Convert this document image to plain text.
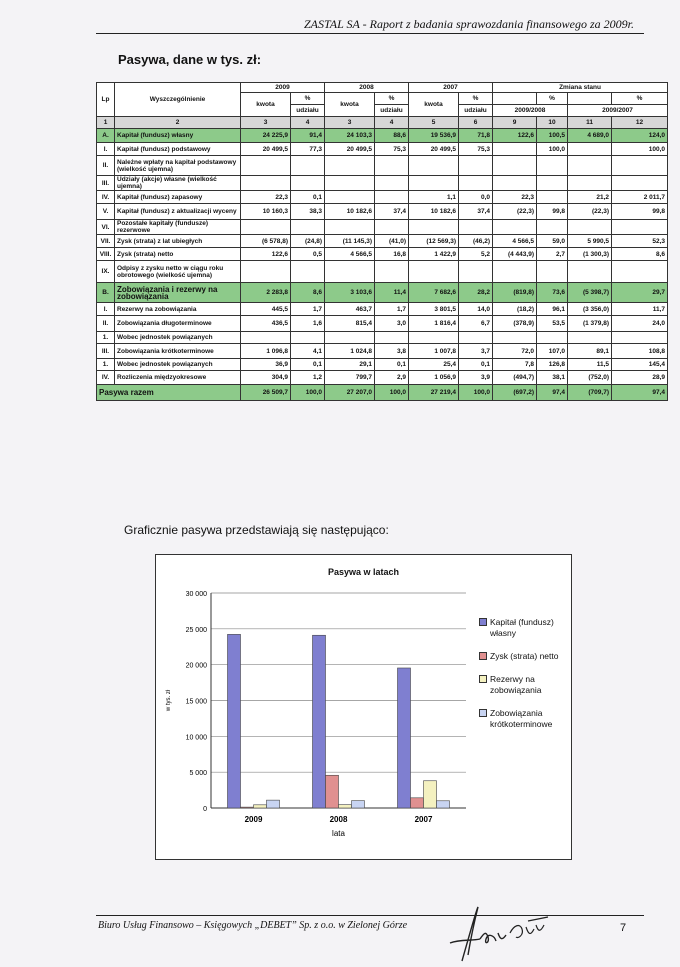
ZASTAL SA - Raport z badania sprawozdania finansowego za 2009r.
Pasywa, dane w tys. zł:
Lp	Wyszczególnienie	2009		2008		2007		Zmiana stanu			
		kwota	%	kwota	%	kwota	%		%		%
			udziału		udziału		udziału	2009/2008		2009/2007	
1	2	3	4	3	4	5	6	9	10	11	12
A.	Kapitał (fundusz) własny	24 225,9	91,4	24 103,3	88,6	19 536,9	71,8	122,6	100,5	4 689,0	124,0
I.	Kapitał (fundusz) podstawowy	20 499,5	77,3	20 499,5	75,3	20 499,5	75,3		100,0		100,0
II.	Należne wpłaty na kapitał podstawowy (wielkość ujemna)										
III.	Udziały (akcje) własne (wielkość ujemna)										
IV.	Kapitał (fundusz) zapasowy	22,3	0,1			1,1	0,0	22,3		21,2	2 011,7
V.	Kapitał (fundusz) z aktualizacji wyceny	10 160,3	38,3	10 182,6	37,4	10 182,6	37,4	(22,3)	99,8	(22,3)	99,8
VI.	Pozostałe kapitały (fundusze) rezerwowe										
VII.	Zysk (strata) z lat ubiegłych	(6 578,8)	(24,8)	(11 145,3)	(41,0)	(12 569,3)	(46,2)	4 566,5	59,0	5 990,5	52,3
VIII.	Zysk (strata) netto	122,6	0,5	4 566,5	16,8	1 422,9	5,2	(4 443,9)	2,7	(1 300,3)	8,6
IX.	Odpisy z zysku netto w ciągu roku obrotowego (wielkość ujemna)										
B.	Zobowiązania i rezerwy na zobowiązania	2 283,8	8,6	3 103,6	11,4	7 682,6	28,2	(819,8)	73,6	(5 398,7)	29,7
I.	Rezerwy na zobowiązania	445,5	1,7	463,7	1,7	3 801,5	14,0	(18,2)	96,1	(3 356,0)	11,7
II.	Zobowiązania długoterminowe	436,5	1,6	815,4	3,0	1 816,4	6,7	(378,9)	53,5	(1 379,8)	24,0
1.	Wobec jednostek powiązanych										
III.	Zobowiązania krótkoterminowe	1 096,8	4,1	1 024,8	3,8	1 007,8	3,7	72,0	107,0	89,1	108,8
1.	Wobec jednostek powiązanych	36,9	0,1	29,1	0,1	25,4	0,1	7,8	126,8	11,5	145,4
IV.	Rozliczenia międzyokresowe	304,9	1,2	799,7	2,9	1 056,9	3,9	(494,7)	38,1	(752,0)	28,9
Pasywa razem		26 509,7	100,0	27 207,0	100,0	27 219,4	100,0	(697,2)	97,4	(709,7)	97,4
Graficznie pasywa przedstawiają się następująco:
Pasywa w latach
0
5 000
10 000
15 000
20 000
25 000
30 000
2009	2008	2007
lata
w tys. zł
Kapitał (fundusz) własny
Zysk (strata) netto
Rezerwy na zobowiązania
Zobowiązania krótkoterminowe
Biuro Usług Finansowo – Księgowych „DEBET” Sp. z o.o. w Zielonej Górze	7
